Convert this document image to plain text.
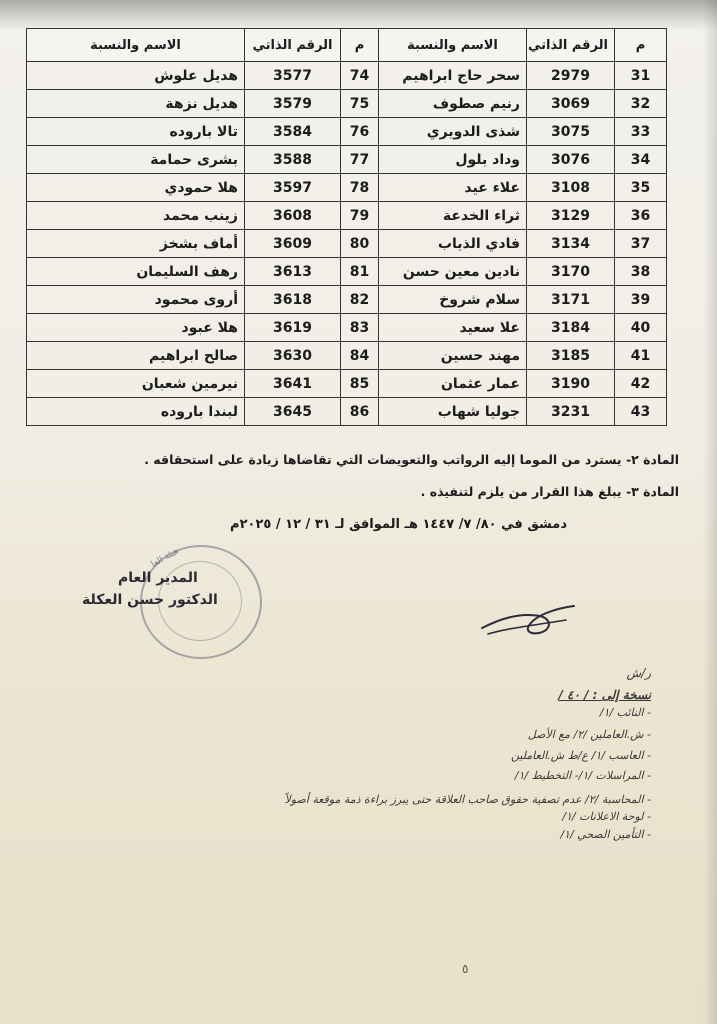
م	الرقم الذاتي	الاسم والنسبة	م	الرقم الذاتي	الاسم والنسبة
31	2979	سحر حاج ابراهيم	74	3577	هديل علوش
32	3069	رنيم صطوف	75	3579	هديل نزهة
33	3075	شذى الدويري	76	3584	تالا باروده
34	3076	وداد بلول	77	3588	بشرى حمامة
35	3108	علاء عيد	78	3597	هلا حمودي
36	3129	ثراء الخدعة	79	3608	زينب محمد
37	3134	فادي الذياب	80	3609	أماف بشخز
38	3170	نادين معين حسن	81	3613	رهف السليمان
39	3171	سلام شروخ	82	3618	أروى محمود
40	3184	علا سعيد	83	3619	هلا عبود
41	3185	مهند حسين	84	3630	صالح ابراهيم
42	3190	عمار عثمان	85	3641	نيرمين شعبان
43	3231	جوليا شهاب	86	3645	لبندا باروده
المادة ٢- يسترد من الموما إليه الرواتب والتعويضات التي تقاضاها زيادة على استحقاقه .
المادة ٣- يبلغ هذا القرار من يلزم لتنفيذه .
دمشق في ٨٠/ ٧/ ١٤٤٧ هـ الموافق لـ ٣١ / ١٢ / ٢٠٢٥م
هيئة العا
المدير العام
الدكتور حسن العكلة
ر/ش
نسخة إلى : / ٤٠ /
- النائب /١/
- ش.العاملين /٢/ مع الأصل
- العاسب /١/ ع/ط ش.العاملين
- المراسلات /١/- التخطيط /١/
- المحاسبة /٢/ عدم تصفية حقوق صاحب العلاقة حتى يبرز براءة ذمة موقعة أصولاً
- لوحة الاعلانات /١/
- التأمين الصحي /١/
٥
